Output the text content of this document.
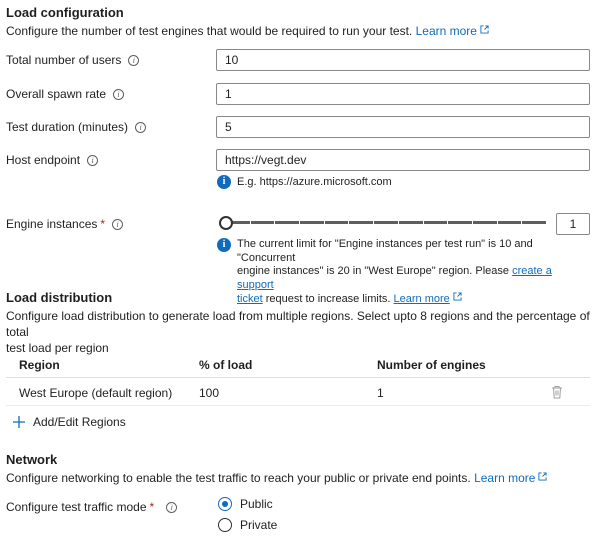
Load configuration
Configure the number of test engines that would be required to run your test. Learn more
Total number of users i
10
Overall spawn rate i
1
Test duration (minutes) i
5
Host endpoint i
https://vegt.dev
i	E.g. https://azure.microsoft.com
Engine instances * i
1
i	The current limit for "Engine instances per test run" is 10 and "Concurrent
engine instances" is 20 in "West Europe" region. Please create a support
ticket request to increase limits. Learn more
Load distribution
Configure load distribution to generate load from multiple regions. Select upto 8 regions and the percentage of total
test load per region
Region	% of load	Number of engines
West Europe (default region) 100	1
Add/Edit Regions
Network
Configure networking to enable the test traffic to reach your public or private end points. Learn more
Configure test traffic mode * i	Public
Private
